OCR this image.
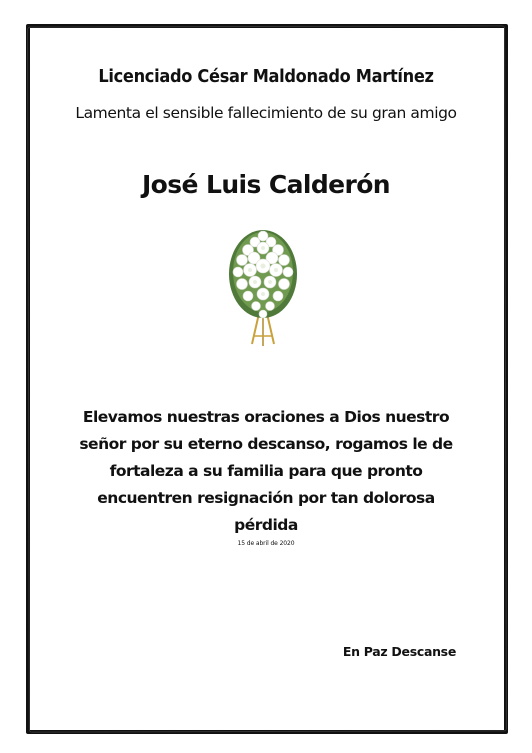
Licenciado César Maldonado Martínez
Lamenta el sensible fallecimiento de su gran amigo
José Luis Calderón
Elevamos nuestras oraciones a Dios nuestro señor por su eterno descanso, rogamos le de fortaleza a su familia para que pronto encuentren resignación por tan dolorosa pérdida
15 de abril de 2020
En Paz Descanse
